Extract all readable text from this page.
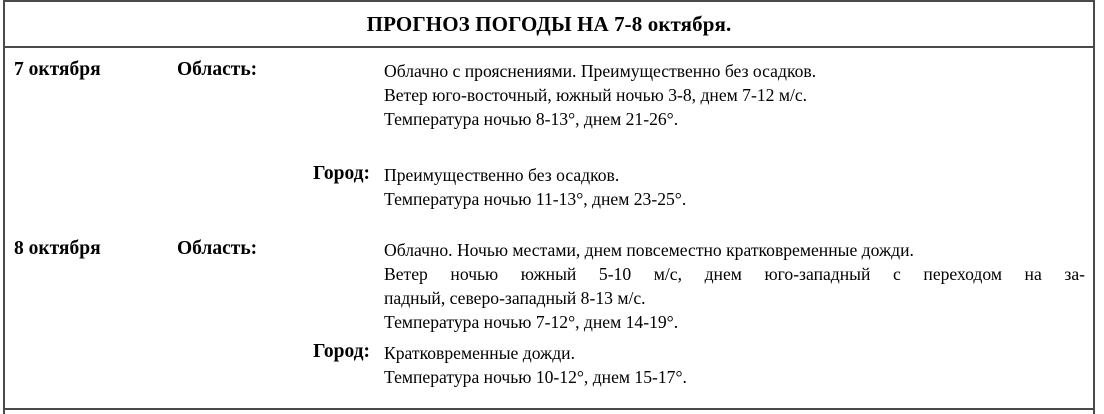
ПРОГНОЗ ПОГОДЫ НА 7-8 октября.
7 октября	Область:	Облачно с прояснениями. Преимущественно без осадков.
Ветер юго-восточный, южный ночью 3-8, днем 7-12 м/с.
Температура ночью 8-13°, днем 21-26°.
Город: Преимущественно без осадков.
Температура ночью 11-13°, днем 23-25°.
8 октября	Область:	Облачно. Ночью местами, днем повсеместно кратковременные дожди.
Ветер ночью южный 5-10 м/с, днем юго-западный с переходом на за-
падный, северо-западный 8-13 м/с.
Температура ночью 7-12°, днем 14-19°.
Город: Кратковременные дожди.
Температура ночью 10-12°, днем 15-17°.
